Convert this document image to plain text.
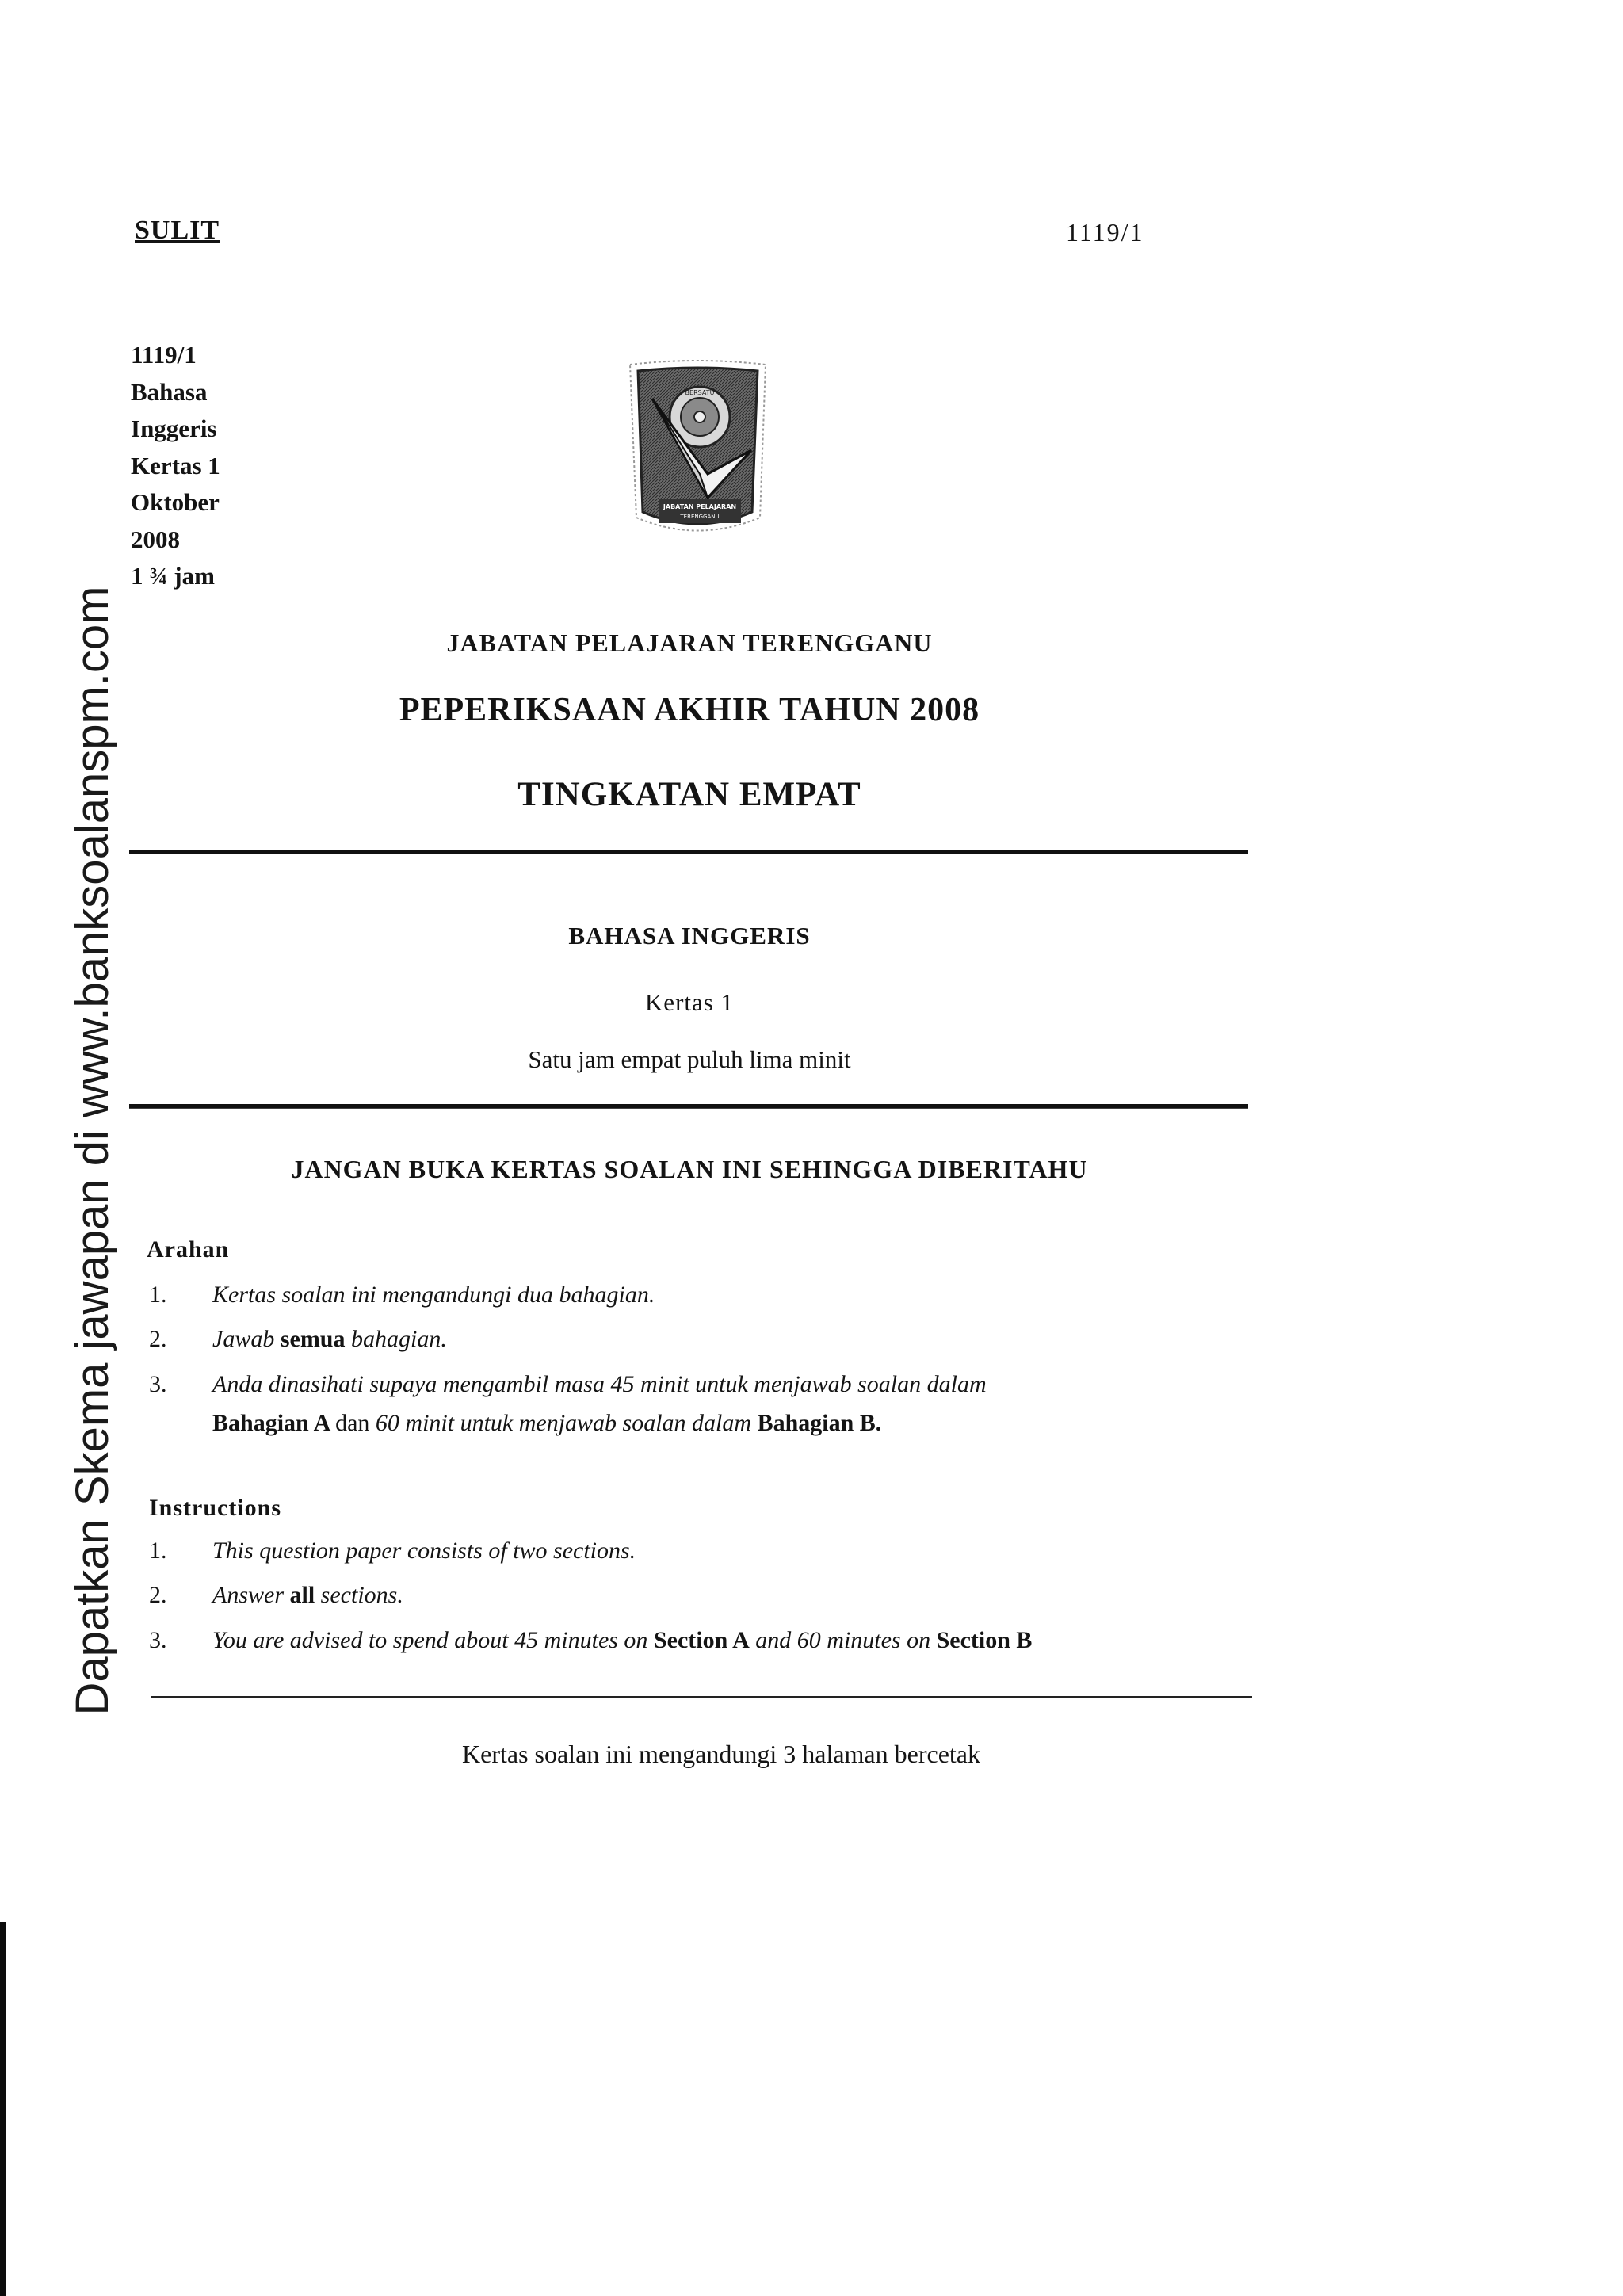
SULIT	1119/1
1119/1
Bahasa
Inggeris
Kertas 1
Oktober
2008
1 ¾ jam
JABATAN PELAJARAN
TERENGGANU
BERSATU
Dapatkan Skema jawapan di www.banksoalanspm.com	JABATAN PELAJARAN TERENGGANU
PEPERIKSAAN AKHIR TAHUN 2008
TINGKATAN EMPAT
BAHASA INGGERIS
Kertas 1
Satu jam empat puluh lima minit
JANGAN BUKA KERTAS SOALAN INI SEHINGGA DIBERITAHU
Arahan
1. Kertas soalan ini mengandungi dua bahagian.
2. Jawab semua bahagian.
3. Anda dinasihati supaya mengambil masa 45 minit untuk menjawab soalan dalam
Bahagian A dan 60 minit untuk menjawab soalan dalam Bahagian B.
Instructions
1. This question paper consists of two sections.
2. Answer all sections.
3. You are advised to spend about 45 minutes on Section A and 60 minutes on Section B
Kertas soalan ini mengandungi 3 halaman bercetak
